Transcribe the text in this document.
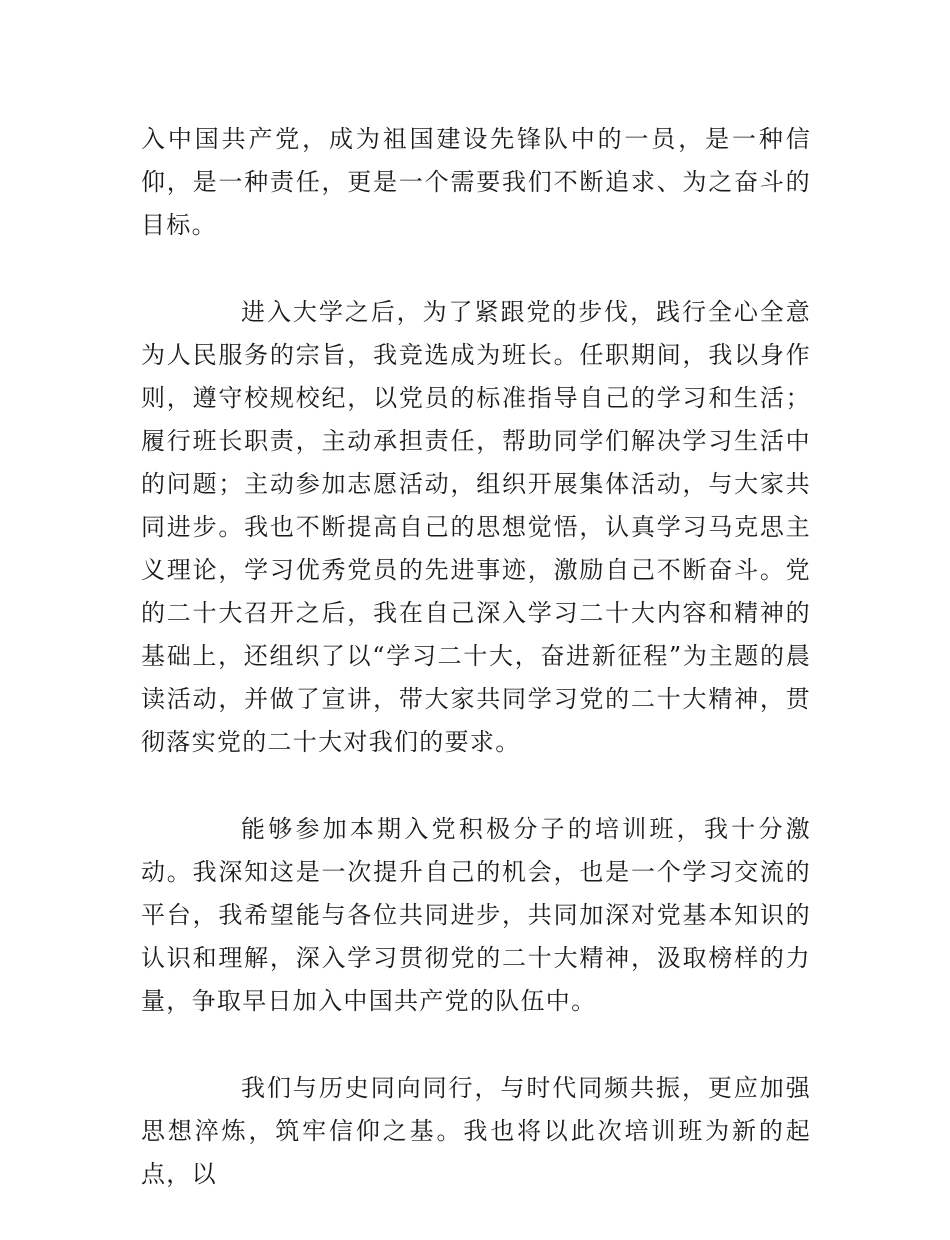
入中国共产党，成为祖国建设先锋队中的一员，是一种信仰，是一种责任，更是一个需要我们不断追求、为之奋斗的目标。

进入大学之后，为了紧跟党的步伐，践行全心全意为人民服务的宗旨，我竞选成为班长。任职期间，我以身作则，遵守校规校纪，以党员的标准指导自己的学习和生活；履行班长职责，主动承担责任，帮助同学们解决学习生活中的问题；主动参加志愿活动，组织开展集体活动，与大家共同进步。我也不断提高自己的思想觉悟，认真学习马克思主义理论，学习优秀党员的先进事迹，激励自己不断奋斗。党的二十大召开之后，我在自己深入学习二十大内容和精神的基础上，还组织了以“学习二十大，奋进新征程”为主题的晨读活动，并做了宣讲，带大家共同学习党的二十大精神，贯彻落实党的二十大对我们的要求。

能够参加本期入党积极分子的培训班，我十分激动。我深知这是一次提升自己的机会，也是一个学习交流的平台，我希望能与各位共同进步，共同加深对党基本知识的认识和理解，深入学习贯彻党的二十大精神，汲取榜样的力量，争取早日加入中国共产党的队伍中。

我们与历史同向同行，与时代同频共振，更应加强思想淬炼，筑牢信仰之基。我也将以此次培训班为新的起点，以
